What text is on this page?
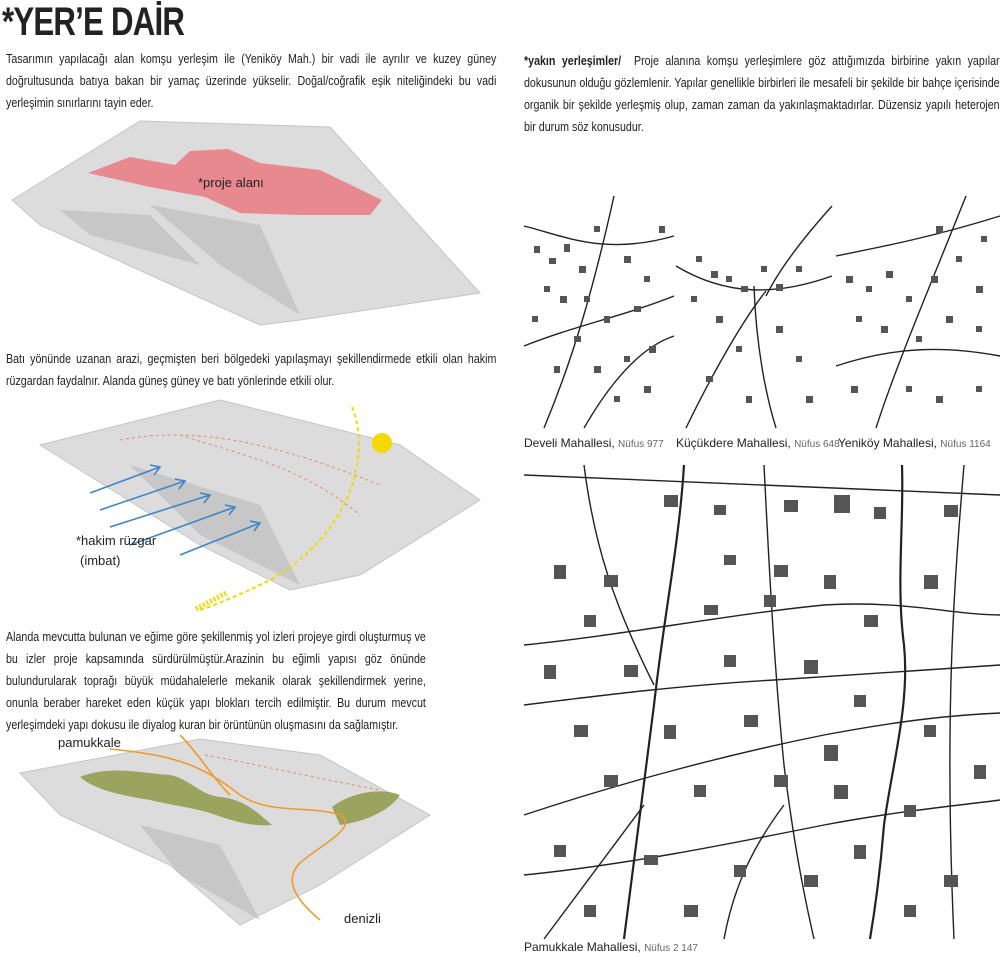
*YER’E DAİR
Tasarımın yapılacağı alan komşu yerleşim ile (Yeniköy Mah.) bir vadi ile ayrılır ve kuzey güney doğrultusunda batıya bakan bir yamaç üzerinde yükselir. Doğal/coğrafik eşik niteliğindeki bu vadi yerleşimin sınırlarını tayin eder.
*yakın yerleşimler/ Proje alanına komşu yerleşimlere göz attığımızda birbirine yakın yapılar dokusunun olduğu gözlemlenir. Yapılar genellikle birbirleri ile mesafeli bir şekilde bir bahçe içerisinde organik bir şekilde yerleşmiş olup, zaman zaman da yakınlaşmaktadırlar. Düzensiz yapılı heterojen bir durum söz konusudur.
*proje alanı
Batı yönünde uzanan arazi, geçmişten beri bölgedeki yapılaşmayı şekillendirmede etkili olan hakim rüzgardan faydalnır. Alanda güneş güney ve batı yönlerinde etkili olur.
*hakim rüzgar
(imbat)
Alanda mevcutta bulunan ve eğime göre şekillenmiş yol izleri projeye girdi oluşturmuş ve bu izler proje kapsamında sürdürülmüştür.Arazinin bu eğimli yapısı göz önünde bulundurularak toprağı büyük müdahalelerle mekanik olarak şekillendirmek yerine, onunla beraber hareket eden küçük yapı blokları tercih edilmiştir. Bu durum mevcut yerleşimdeki yapı dokusu ile diyalog kuran bir örüntünün oluşmasını da sağlamıştır.
pamukkale
denizli
Develi Mahallesi, Nüfus 977 Küçükdere Mahallesi, Nüfus 648
Yeniköy Mahallesi, Nüfus 1164
Pamukkale Mahallesi, Nüfus 2 147
